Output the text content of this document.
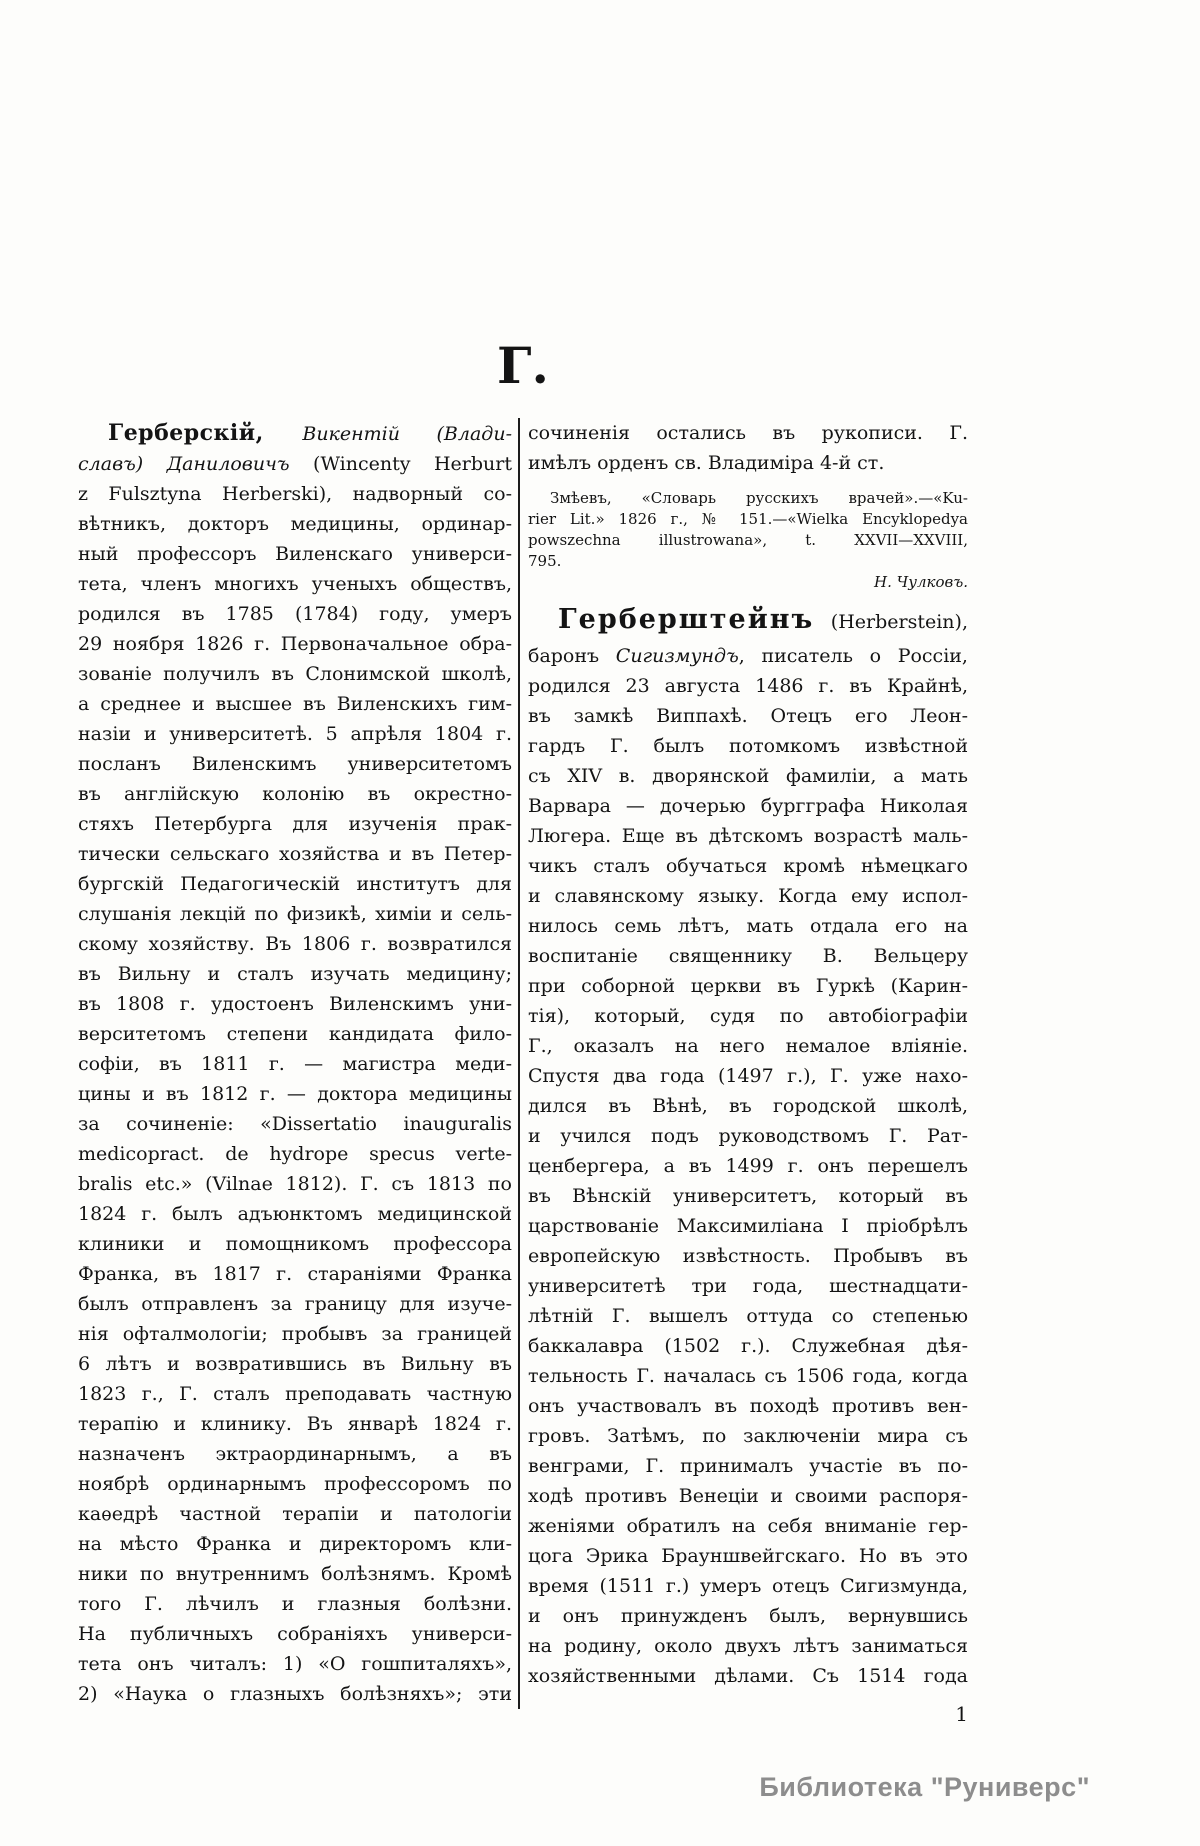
Г.
Герберскій, Викентій (Влади-
славъ) Даниловичъ (Wincenty Herburt
z Fulsztyna Herberski), надворный со-
вѣтникъ, докторъ медицины, ординар-
ный профессоръ Виленскаго универси-
тета, членъ многихъ ученыхъ обществъ,
родился въ 1785 (1784) году, умеръ
29 ноября 1826 г. Первоначальное обра-
зованіе получилъ въ Слонимской школѣ,
а среднее и высшее въ Виленскихъ гим-
назіи и университетѣ. 5 апрѣля 1804 г.
посланъ Виленскимъ университетомъ
въ англійскую колонію въ окрестно-
стяхъ Петербурга для изученія прак-
тически сельскаго хозяйства и въ Петер-
бургскій Педагогическій институтъ для
слушанія лекцій по физикѣ, химіи и сель-
скому хозяйству. Въ 1806 г. возвратился
въ Вильну и сталъ изучать медицину;
въ 1808 г. удостоенъ Виленскимъ уни-
верситетомъ степени кандидата фило-
софіи, въ 1811 г. — магистра меди-
цины и въ 1812 г. — доктора медицины
за сочиненіе: «Dissertatio inauguralis
medicopract. de hydrope specus verte-
bralis etc.» (Vilnae 1812). Г. съ 1813 по
1824 г. былъ адъюнктомъ медицинской
клиники и помощникомъ профессора
Франка, въ 1817 г. стараніями Франка
былъ отправленъ за границу для изуче-
нія офталмологіи; пробывъ за границей
6 лѣтъ и возвратившись въ Вильну въ
1823 г., Г. сталъ преподавать частную
терапію и клинику. Въ январѣ 1824 г.
назначенъ эктраординарнымъ, а въ
ноябрѣ ординарнымъ профессоромъ по
каѳедрѣ частной терапіи и патологіи
на мѣсто Франка и директоромъ кли-
ники по внутреннимъ болѣзнямъ. Кромѣ
того Г. лѣчилъ и глазныя болѣзни.
На публичныхъ собраніяхъ универси-
тета онъ читалъ: 1) «О гошпиталяхъ»,
2) «Наука о глазныхъ болѣзняхъ»; эти
сочиненія остались въ рукописи. Г.
имѣлъ орденъ св. Владиміра 4-й ст.
Змѣевъ, «Словарь русскихъ врачей».—«Ku-
rier Lit.» 1826 г., № 151.—«Wielka Encyklopedya
powszechna illustrowana», t. XXVII—XXVIII,
795.
Н. Чулковъ.
Герберштейнъ (Herberstein),
баронъ Сигизмундъ, писатель о Россіи,
родился 23 августа 1486 г. въ Крайнѣ,
въ замкѣ Виппахѣ. Отецъ его Леон-
гардъ Г. былъ потомкомъ извѣстной
съ XIV в. дворянской фамиліи, а мать
Варвара — дочерью бургграфа Николая
Люгера. Еще въ дѣтскомъ возрастѣ маль-
чикъ сталъ обучаться кромѣ нѣмецкаго
и славянскому языку. Когда ему испол-
нилось семь лѣтъ, мать отдала его на
воспитаніе священнику В. Вельцеру
при соборной церкви въ Гуркѣ (Карин-
тія), который, судя по автобіографіи
Г., оказалъ на него немалое вліяніе.
Спустя два года (1497 г.), Г. уже нахо-
дился въ Вѣнѣ, въ городской школѣ,
и учился подъ руководствомъ Г. Рат-
ценбергера, а въ 1499 г. онъ перешелъ
въ Вѣнскій университетъ, который въ
царствованіе Максимиліана I пріобрѣлъ
европейскую извѣстность. Пробывъ въ
университетѣ три года, шестнадцати-
лѣтній Г. вышелъ оттуда со степенью
баккалавра (1502 г.). Служебная дѣя-
тельность Г. началась съ 1506 года, когда
онъ участвовалъ въ походѣ противъ вен-
гровъ. Затѣмъ, по заключеніи мира съ
венграми, Г. принималъ участіе въ по-
ходѣ противъ Венеціи и своими распоря-
женіями обратилъ на себя вниманіе гер-
цога Эрика Брауншвейгскаго. Но въ это
время (1511 г.) умеръ отецъ Сигизмунда,
и онъ принужденъ былъ, вернувшись
на родину, около двухъ лѣтъ заниматься
хозяйственными дѣлами. Съ 1514 года
1
Библиотека "Руниверс"
